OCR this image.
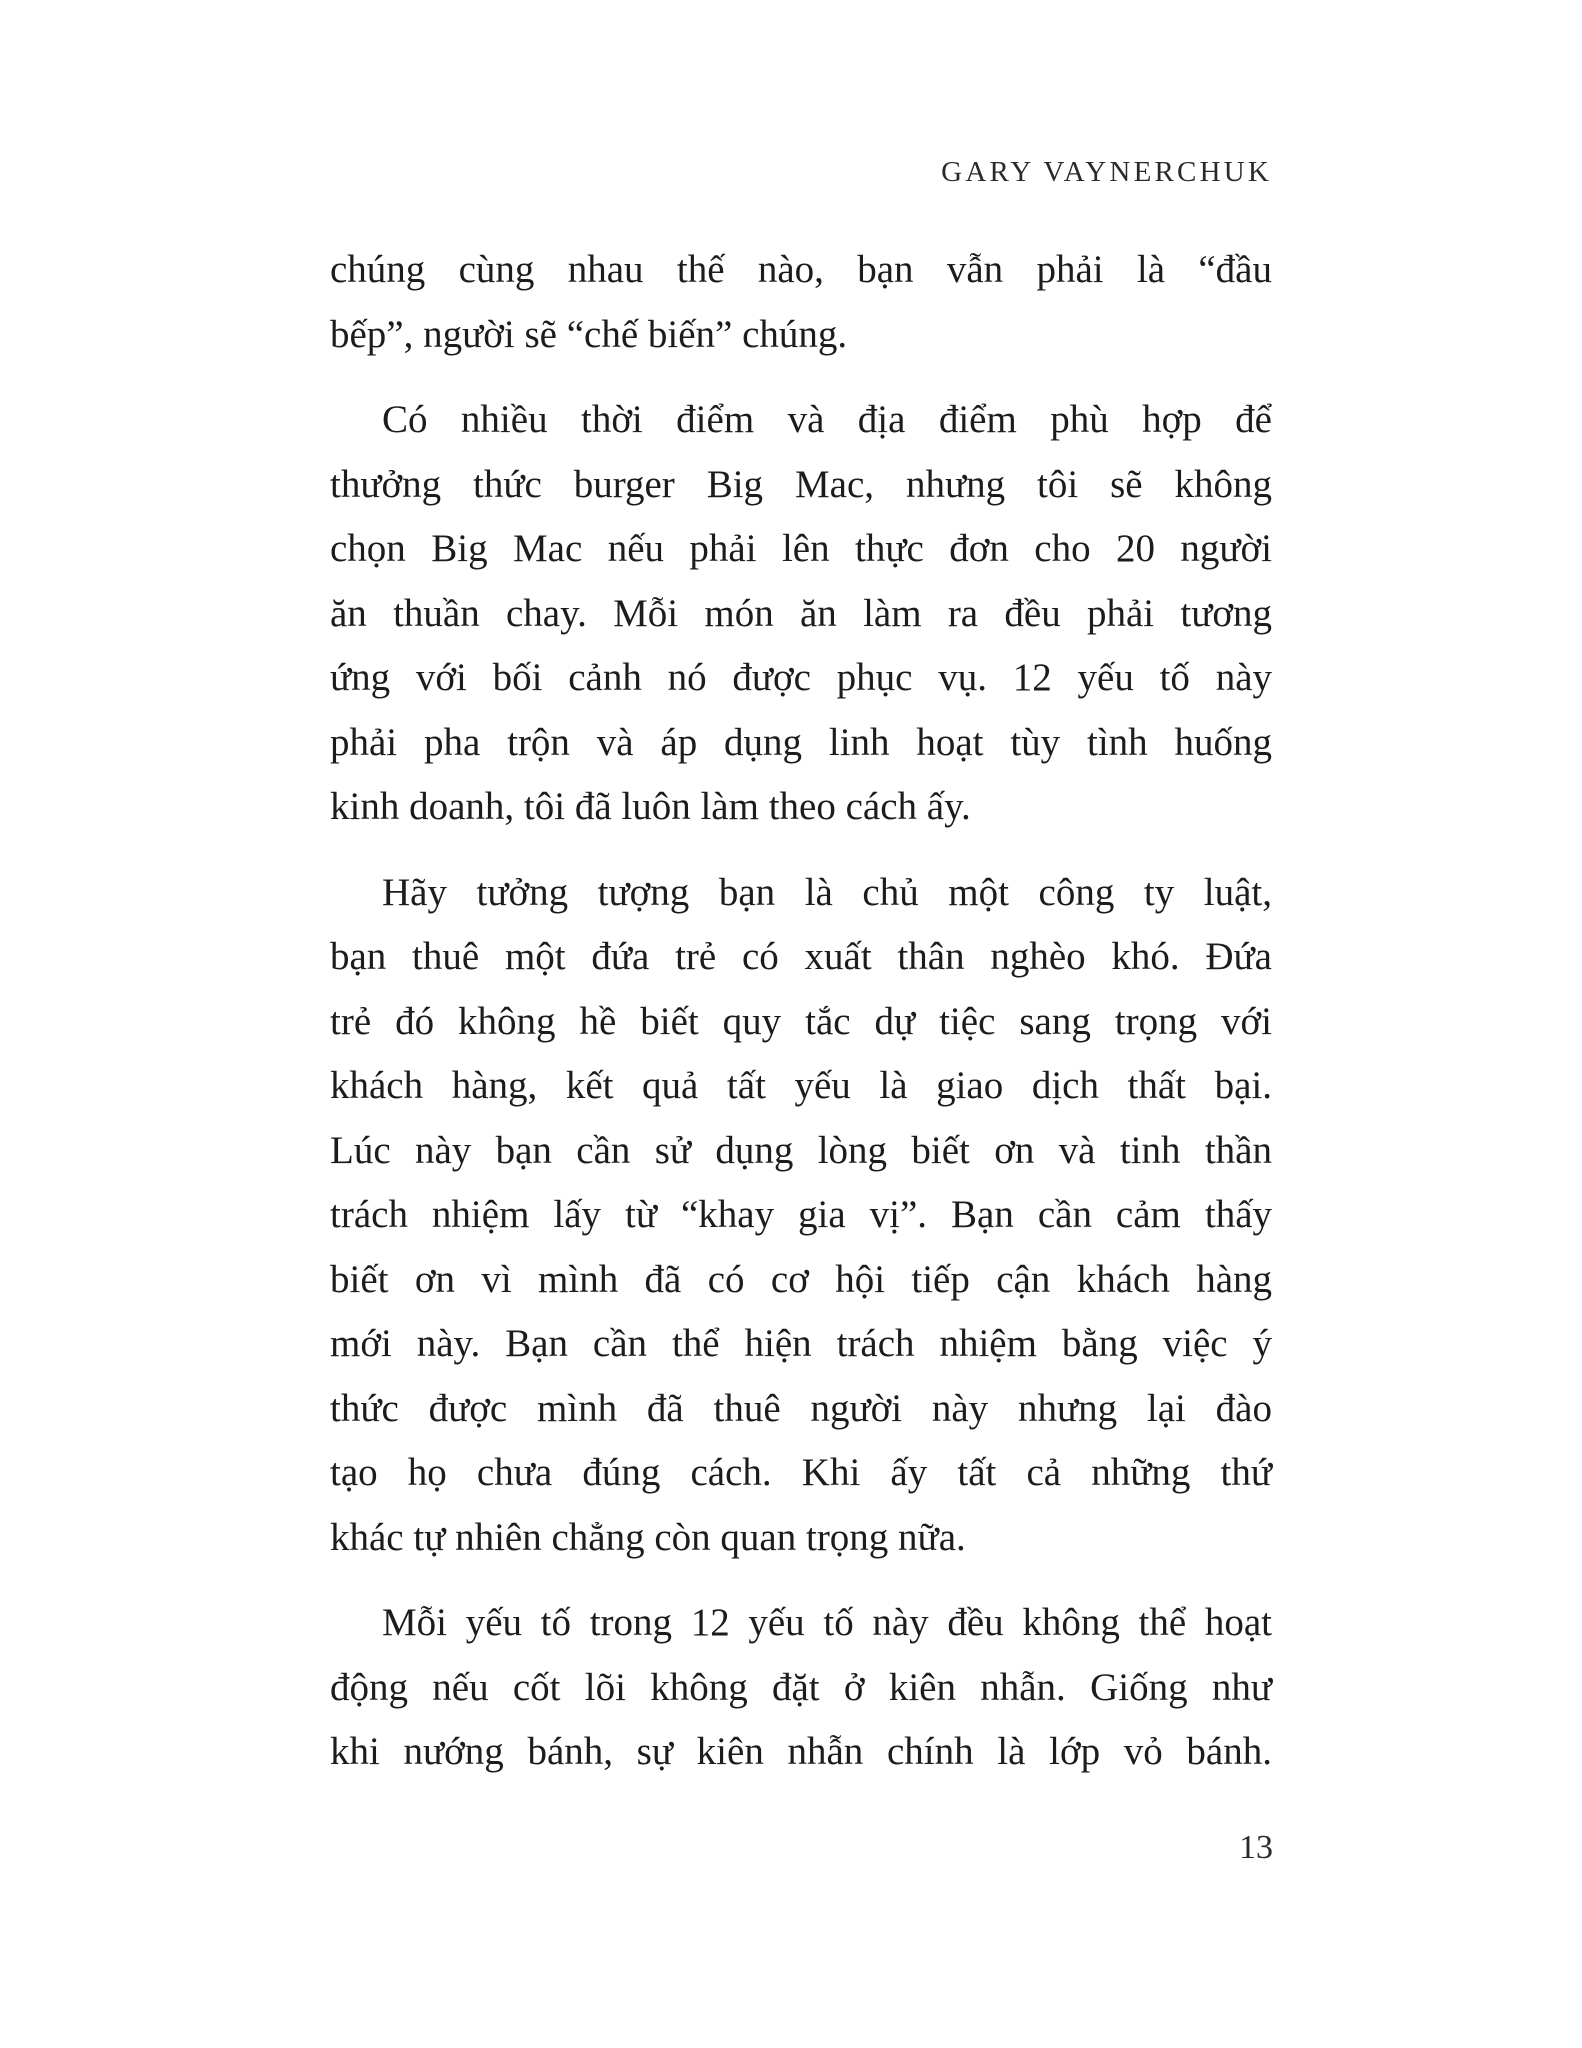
GARY VAYNERCHUK

chúng cùng nhau thế nào, bạn vẫn phải là “đầu
bếp”, người sẽ “chế biến” chúng.

Có nhiều thời điểm và địa điểm phù hợp để
thưởng thức burger Big Mac, nhưng tôi sẽ không
chọn Big Mac nếu phải lên thực đơn cho 20 người
ăn thuần chay. Mỗi món ăn làm ra đều phải tương
ứng với bối cảnh nó được phục vụ. 12 yếu tố này
phải pha trộn và áp dụng linh hoạt tùy tình huống
kinh doanh, tôi đã luôn làm theo cách ấy.

Hãy tưởng tượng bạn là chủ một công ty luật,
bạn thuê một đứa trẻ có xuất thân nghèo khó. Đứa
trẻ đó không hề biết quy tắc dự tiệc sang trọng với
khách hàng, kết quả tất yếu là giao dịch thất bại.
Lúc này bạn cần sử dụng lòng biết ơn và tinh thần
trách nhiệm lấy từ “khay gia vị”. Bạn cần cảm thấy
biết ơn vì mình đã có cơ hội tiếp cận khách hàng
mới này. Bạn cần thể hiện trách nhiệm bằng việc ý
thức được mình đã thuê người này nhưng lại đào
tạo họ chưa đúng cách. Khi ấy tất cả những thứ
khác tự nhiên chẳng còn quan trọng nữa.

Mỗi yếu tố trong 12 yếu tố này đều không thể hoạt
động nếu cốt lõi không đặt ở kiên nhẫn. Giống như
khi nướng bánh, sự kiên nhẫn chính là lớp vỏ bánh.

13
